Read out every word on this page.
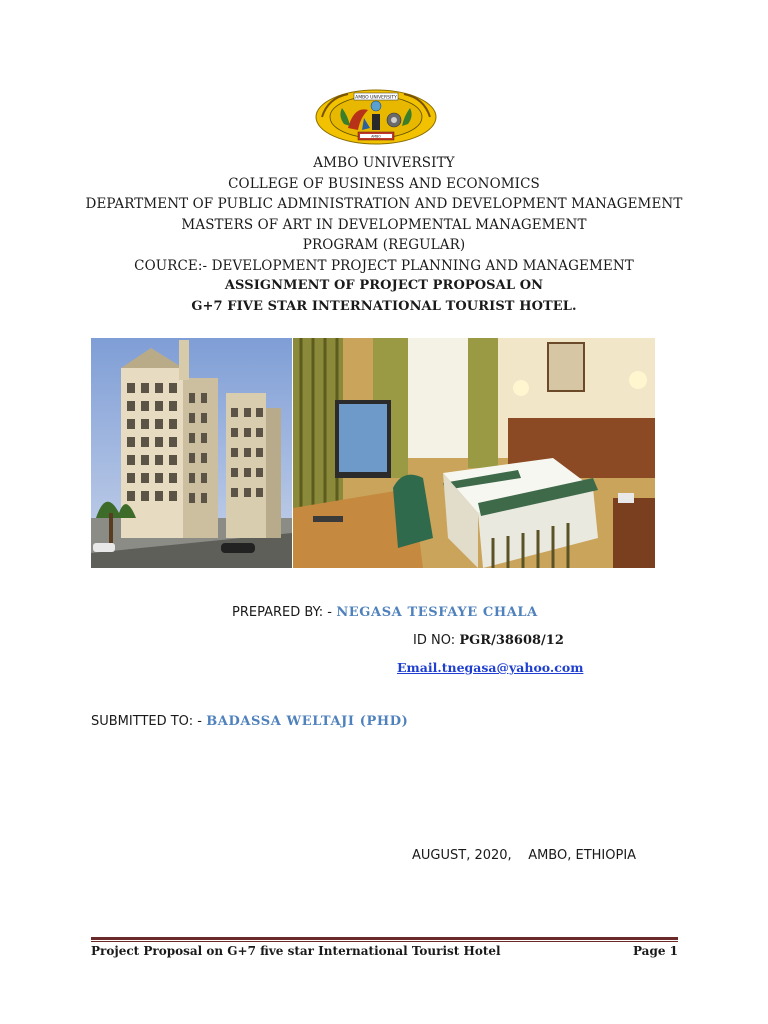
AMBO UNIVERSITY
AMBO
AMBO UNIVERSITY
COLLEGE OF BUSINESS AND ECONOMICS
DEPARTMENT OF PUBLIC ADMINISTRATION AND DEVELOPMENT MANAGEMENT
MASTERS OF ART IN DEVELOPMENTAL MANAGEMENT
PROGRAM (REGULAR)
COURCE:- DEVELOPMENT PROJECT PLANNING AND MANAGEMENT
ASSIGNMENT OF PROJECT PROPOSAL ON
G+7 FIVE STAR INTERNATIONAL TOURIST HOTEL.
PREPARED BY: - NEGASA TESFAYE CHALA
ID NO: PGR/38608/12
Email.tnegasa@yahoo.com
SUBMITTED TO: - BADASSA WELTAJI (PHD)
AUGUST, 2020,    AMBO, ETHIOPIA
Project Proposal on G+7 five star International Tourist Hotel	Page 1
